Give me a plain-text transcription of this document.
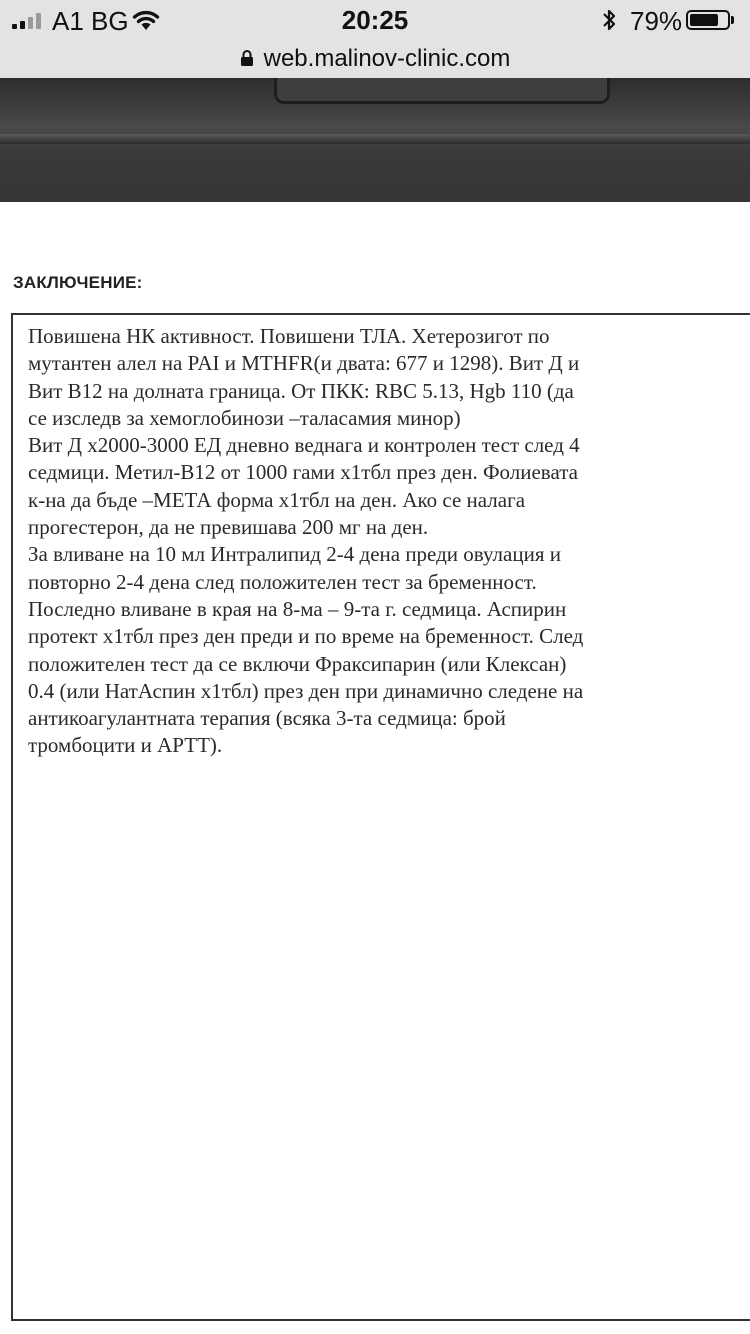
A1 BG	20:25	79%
web.malinov-clinic.com
ЗАКЛЮЧЕНИЕ:

Повишена НК активност. Повишени ТЛА. Хетерозигот по
мутантен алел на PAI и MTHFR(и двата: 677 и 1298). Вит Д и
Вит В12 на долната граница. От ПКК: RBC 5.13, Hgb 110 (да
се изследв за хемоглобинози –таласамия минор)
Вит Д х2000-3000 ЕД дневно веднага и контролен тест след 4
седмици. Метил-В12 от 1000 гами х1тбл през ден. Фолиевата
к-на да бъде –МЕТА форма х1тбл на ден. Ако се налага
прогестерон, да не превишава 200 мг на ден.
За вливане на 10 мл Интралипид 2-4 дена преди овулация и
повторно 2-4 дена след положителен тест за бременност.
Последно вливане в края на 8-ма – 9-та г. седмица. Аспирин
протект х1тбл през ден преди и по време на бременност. След
положителен тест да се включи Фраксипарин (или Клексан)
0.4 (или НатАспин х1тбл) през ден при динамично следене на
антикоагулантната терапия (всяка 3-та седмица: брой
тромбоцити и АРТТ).
